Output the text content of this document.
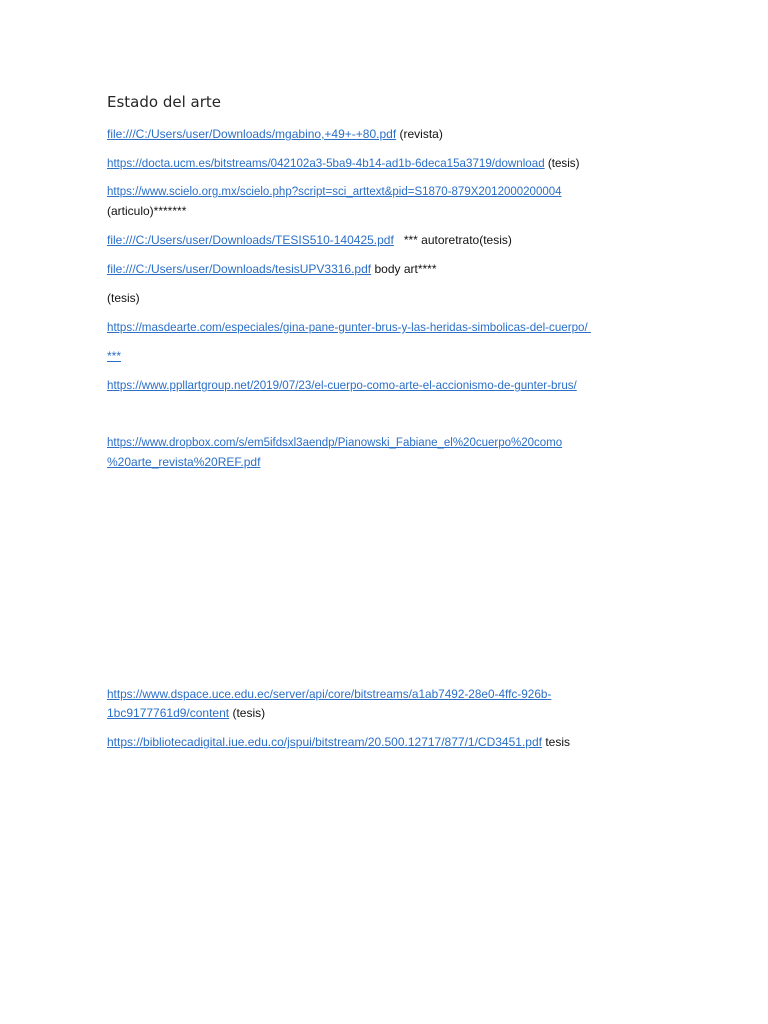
Estado del arte

file:///C:/Users/user/Downloads/mgabino,+49+-+80.pdf (revista)

https://docta.ucm.es/bitstreams/042102a3-5ba9-4b14-ad1b-6deca15a3719/download (tesis)

https://www.scielo.org.mx/scielo.php?script=sci_arttext&pid=S1870-879X2012000200004

(articulo)*******

file:///C:/Users/user/Downloads/TESIS510-140425.pdf *** autoretrato(tesis)

file:///C:/Users/user/Downloads/tesisUPV3316.pdf body art****

(tesis)

https://masdearte.com/especiales/gina-pane-gunter-brus-y-las-heridas-simbolicas-del-cuerpo/

***

https://www.ppllartgroup.net/2019/07/23/el-cuerpo-como-arte-el-accionismo-de-gunter-brus/

https://www.dropbox.com/s/em5ifdsxl3aendp/Pianowski_Fabiane_el%20cuerpo%20como

%20arte_revista%20REF.pdf

https://www.dspace.uce.edu.ec/server/api/core/bitstreams/a1ab7492-28e0-4ffc-926b-

1bc9177761d9/content (tesis)

https://bibliotecadigital.iue.edu.co/jspui/bitstream/20.500.12717/877/1/CD3451.pdf tesis
